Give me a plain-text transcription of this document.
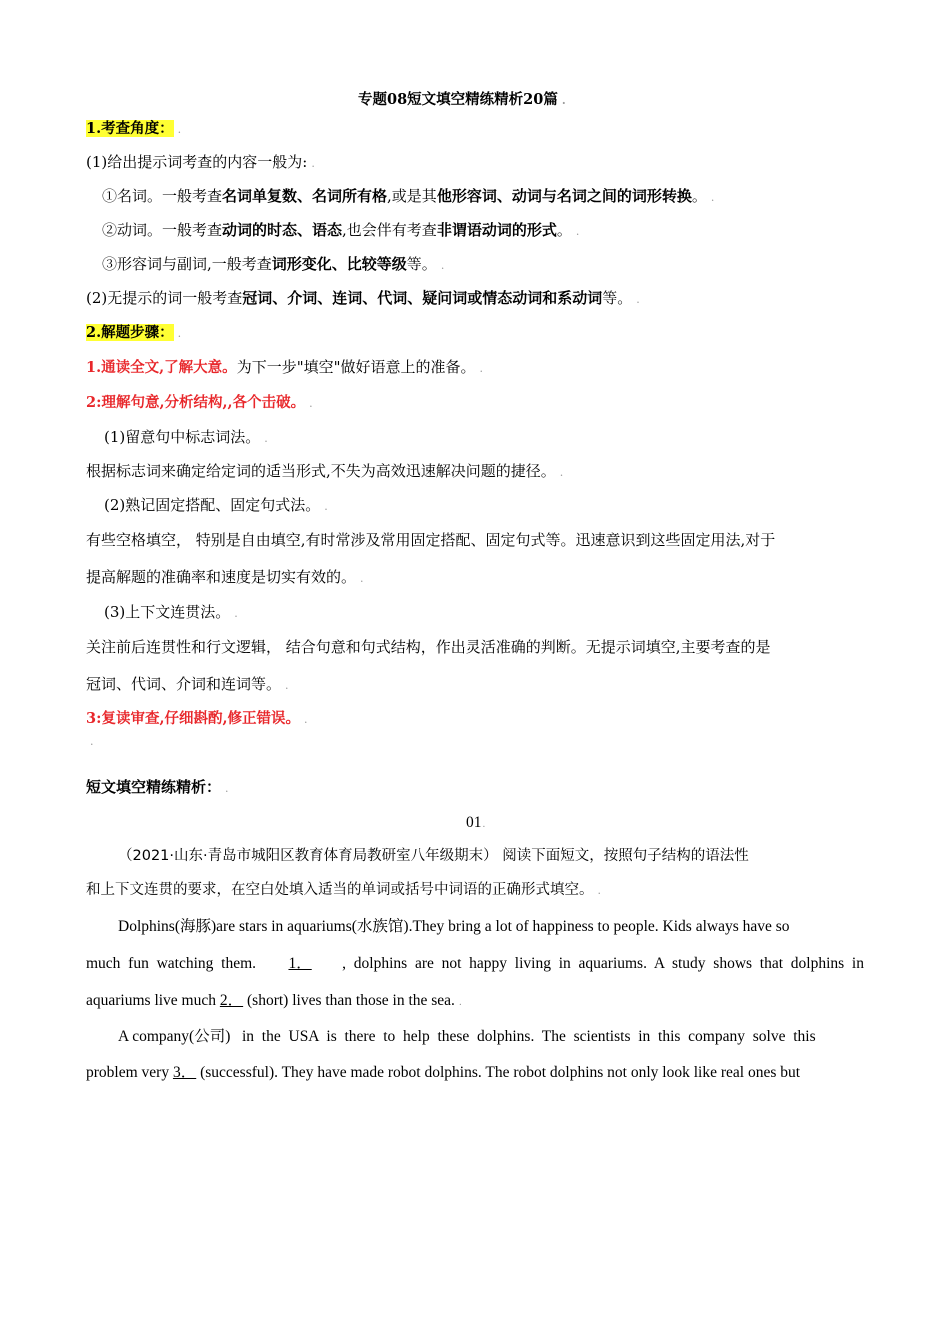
专题08短文填空精练精析20篇 .
1.考查角度： .
(1)给出提示词考查的内容一般为: .
①名词。一般考查名词单复数、名词所有格,或是其他形容词、动词与名词之间的词形转换。 .
②动词。一般考查动词的时态、语态,也会伴有考查非谓语动词的形式。 .
③形容词与副词,一般考查词形变化、比较等级等。 .
(2)无提示的词一般考查冠词、介词、连词、代词、疑问词或情态动词和系动词等。 .
2.解题步骤： .
1.通读全文,了解大意。为下一步"填空"做好语意上的准备。 .
2:理解句意,分析结构,,各个击破。 .
(1)留意句中标志词法。 .
根据标志词来确定给定词的适当形式,不失为高效迅速解决问题的捷径。 .
(2)熟记固定搭配、固定句式法。 .
有些空格填空， 特别是自由填空,有时常涉及常用固定搭配、固定句式等。迅速意识到这些固定用法,对于
提高解题的准确率和速度是切实有效的。 .
(3)上下文连贯法。 .
关注前后连贯性和行文逻辑， 结合句意和句式结构，作出灵活准确的判断。无提示词填空,主要考查的是
冠词、代词、介词和连词等。 .
3:复读审查,仔细斟酌,修正错误。 .
.
短文填空精练精析： .
01.
（2021·山东·青岛市城阳区教育体育局教研室八年级期末） 阅读下面短文，按照句子结构的语法性
和上下文连贯的要求，在空白处填入适当的单词或括号中词语的正确形式填空。 .
Dolphins(海豚)are stars in aquariums(水族馆).They bring a lot of happiness to people. Kids always have so
much  fun  watching  them. 1． ,  dolphins  are  not  happy  living  in  aquariums.  A  study  shows  that  dolphins  in
aquariums live much 2． (short) lives than those in the sea. .
A company(公司)   in  the  USA  is  there  to  help  these  dolphins.  The  scientists  in  this  company  solve  this
problem very 3． (successful). They have made robot dolphins. The robot dolphins not only look like real ones but
